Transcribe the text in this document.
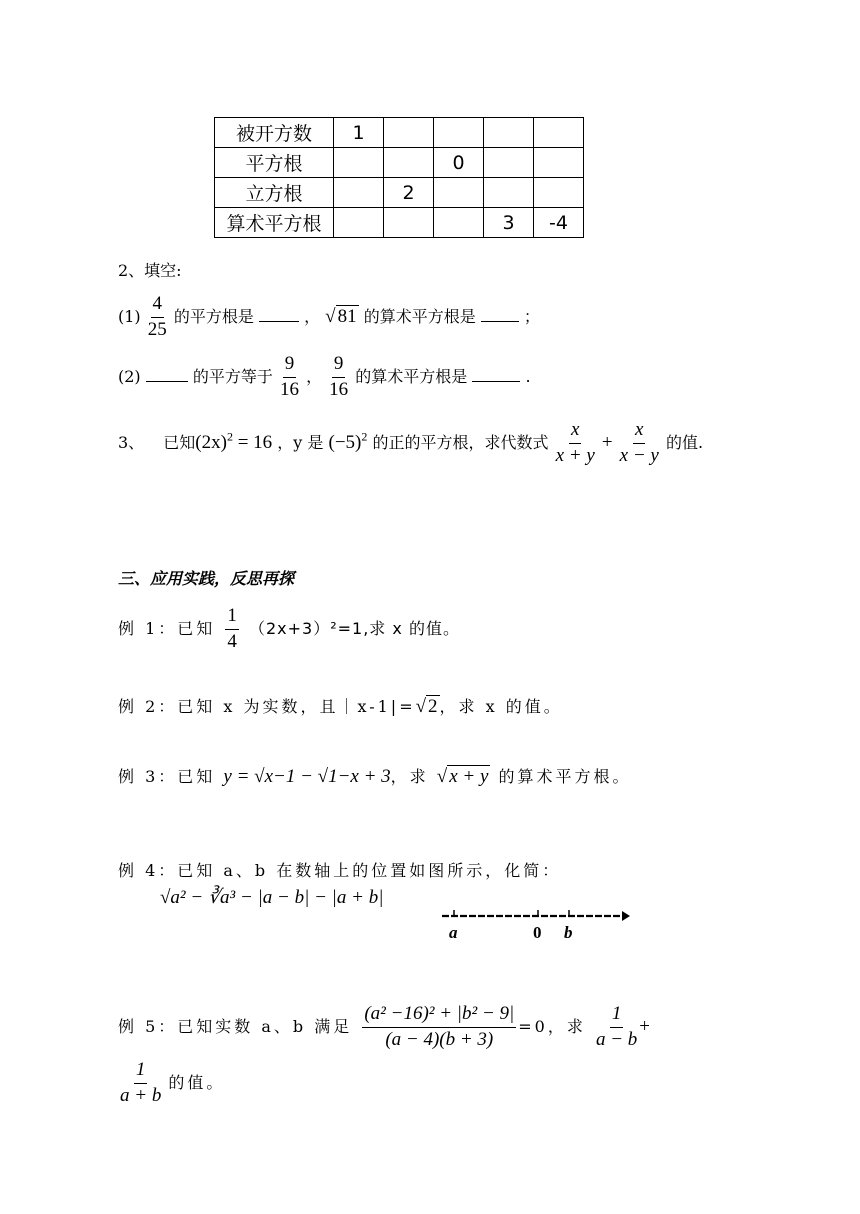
被开方数	1				
平方根			0		
立方根		2			
算术平方根				3	-4
2、填空:
$(1) \frac{4}{25}$ 的平方根是	， √ 81 的算术平方根是	；
(2)	的平方等于 $\frac{9}{16}$ ， $\frac{9}{16}$ 的算术平方根是	.
3、 已知$(2x)^2 = 16$ ，y 是 $(-5)^2$ 的正的平方根，求代数式 $\frac{x}{x + y} + \frac{x}{x - y}$ 的值.
三、应用实践，反思再探
例 1：已知 $\frac{1}{4} (2x+3)^2=1$,求 x 的值。
例 2：已知 x 为实数，且｜x-1|=√ 2 ，求 x 的值。
例 3：已知 y = √x−1 − √1−x + 3，求 √ x + y 的算术平方根。
例 4：已知 a、b 在数轴上的位置如图所示，化简：
√a² − ∛a³ − |a − b| − |a + b|
a	0 b
例 5：已知实数 a、b 满足 $\frac{\text{(a² −16)² + |b² − 9|}}{(a - 4)(b + 3)} =0$，求 $\frac{1}{a - b}$ +
$\frac{1}{a + b}$ 的值。
